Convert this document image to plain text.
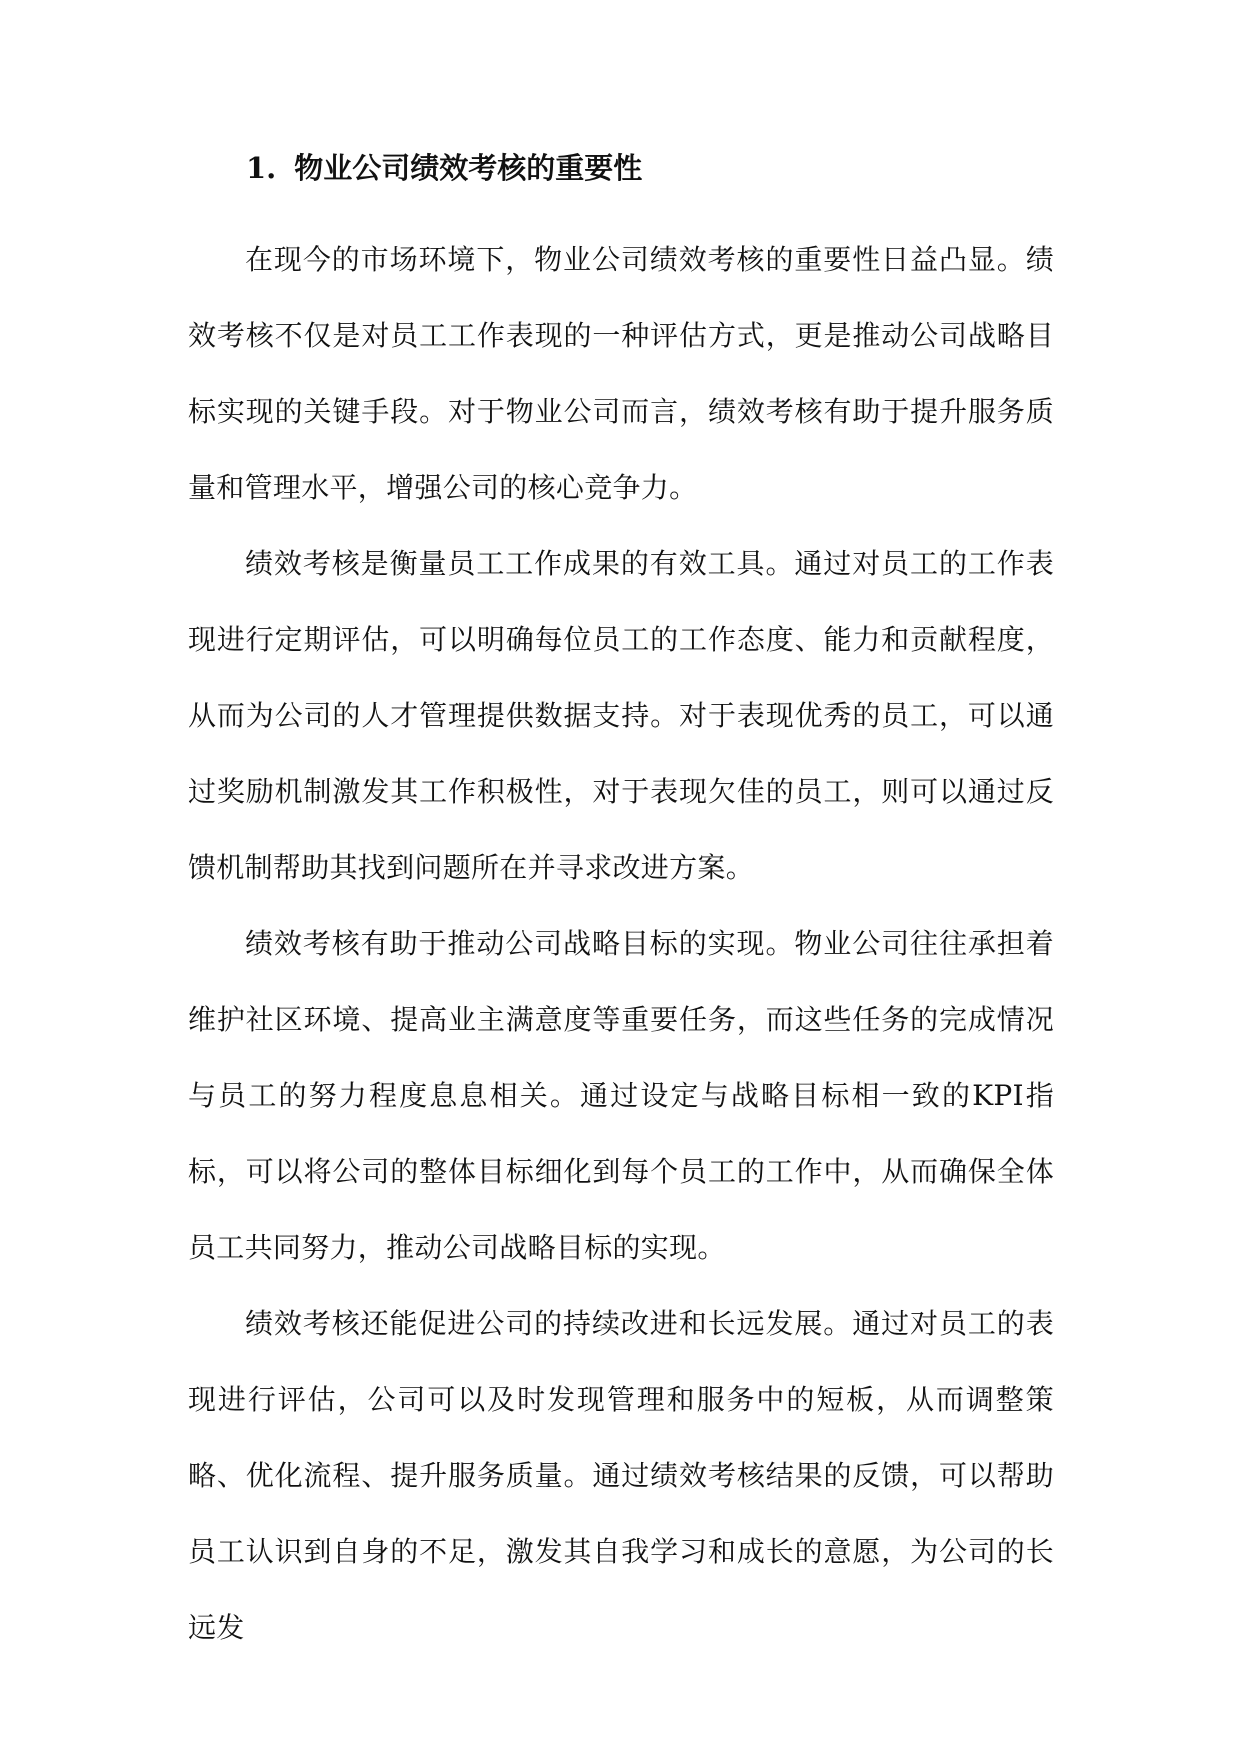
1. 物业公司绩效考核的重要性

在现今的市场环境下，物业公司绩效考核的重要性日益凸显。绩效考核不仅是对员工工作表现的一种评估方式，更是推动公司战略目标实现的关键手段。对于物业公司而言，绩效考核有助于提升服务质量和管理水平，增强公司的核心竞争力。

绩效考核是衡量员工工作成果的有效工具。通过对员工的工作表现进行定期评估，可以明确每位员工的工作态度、能力和贡献程度，从而为公司的人才管理提供数据支持。对于表现优秀的员工，可以通过奖励机制激发其工作积极性，对于表现欠佳的员工，则可以通过反馈机制帮助其找到问题所在并寻求改进方案。

绩效考核有助于推动公司战略目标的实现。物业公司往往承担着维护社区环境、提高业主满意度等重要任务，而这些任务的完成情况与员工的努力程度息息相关。通过设定与战略目标相一致的KPI指标，可以将公司的整体目标细化到每个员工的工作中，从而确保全体员工共同努力，推动公司战略目标的实现。

绩效考核还能促进公司的持续改进和长远发展。通过对员工的表现进行评估，公司可以及时发现管理和服务中的短板，从而调整策略、优化流程、提升服务质量。通过绩效考核结果的反馈，可以帮助员工认识到自身的不足，激发其自我学习和成长的意愿，为公司的长远发
